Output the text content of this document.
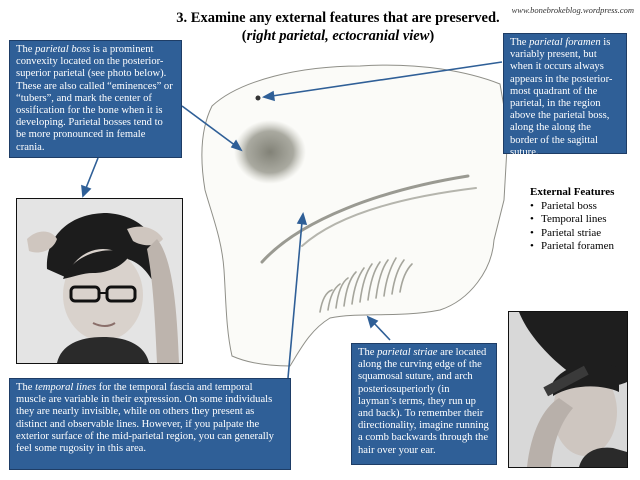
3. Examine any external features that are preserved.
(right parietal, ectocranial view)
www.bonebrokeblog.wordpress.com
The parietal boss is a prominent convexity located on the posterior-superior parietal (see photo below). These are also called “eminences” or “tubers”, and mark the center of ossification for the bone when it is developing. Parietal bosses tend to be more pronounced in female crania.
The parietal foramen is variably present, but when it occurs always appears in the posterior-most quadrant of the parietal, in the region above the parietal boss, along the along the border of the sagittal suture.
The temporal lines for the temporal fascia and temporal muscle are variable in their expression. On some individuals they are nearly invisible, while on others they present as distinct and observable lines. However, if you palpate the exterior surface of the mid-parietal region, you can generally feel some rugosity in this area.
The parietal striae are located along the curving edge of the squamosal suture, and arch posteriosuperiorly (in layman’s terms, they run up and back). To remember their directionality, imagine running a comb backwards through the hair over your ear.
External Features
• Parietal boss
• Temporal lines
• Parietal striae
• Parietal foramen
